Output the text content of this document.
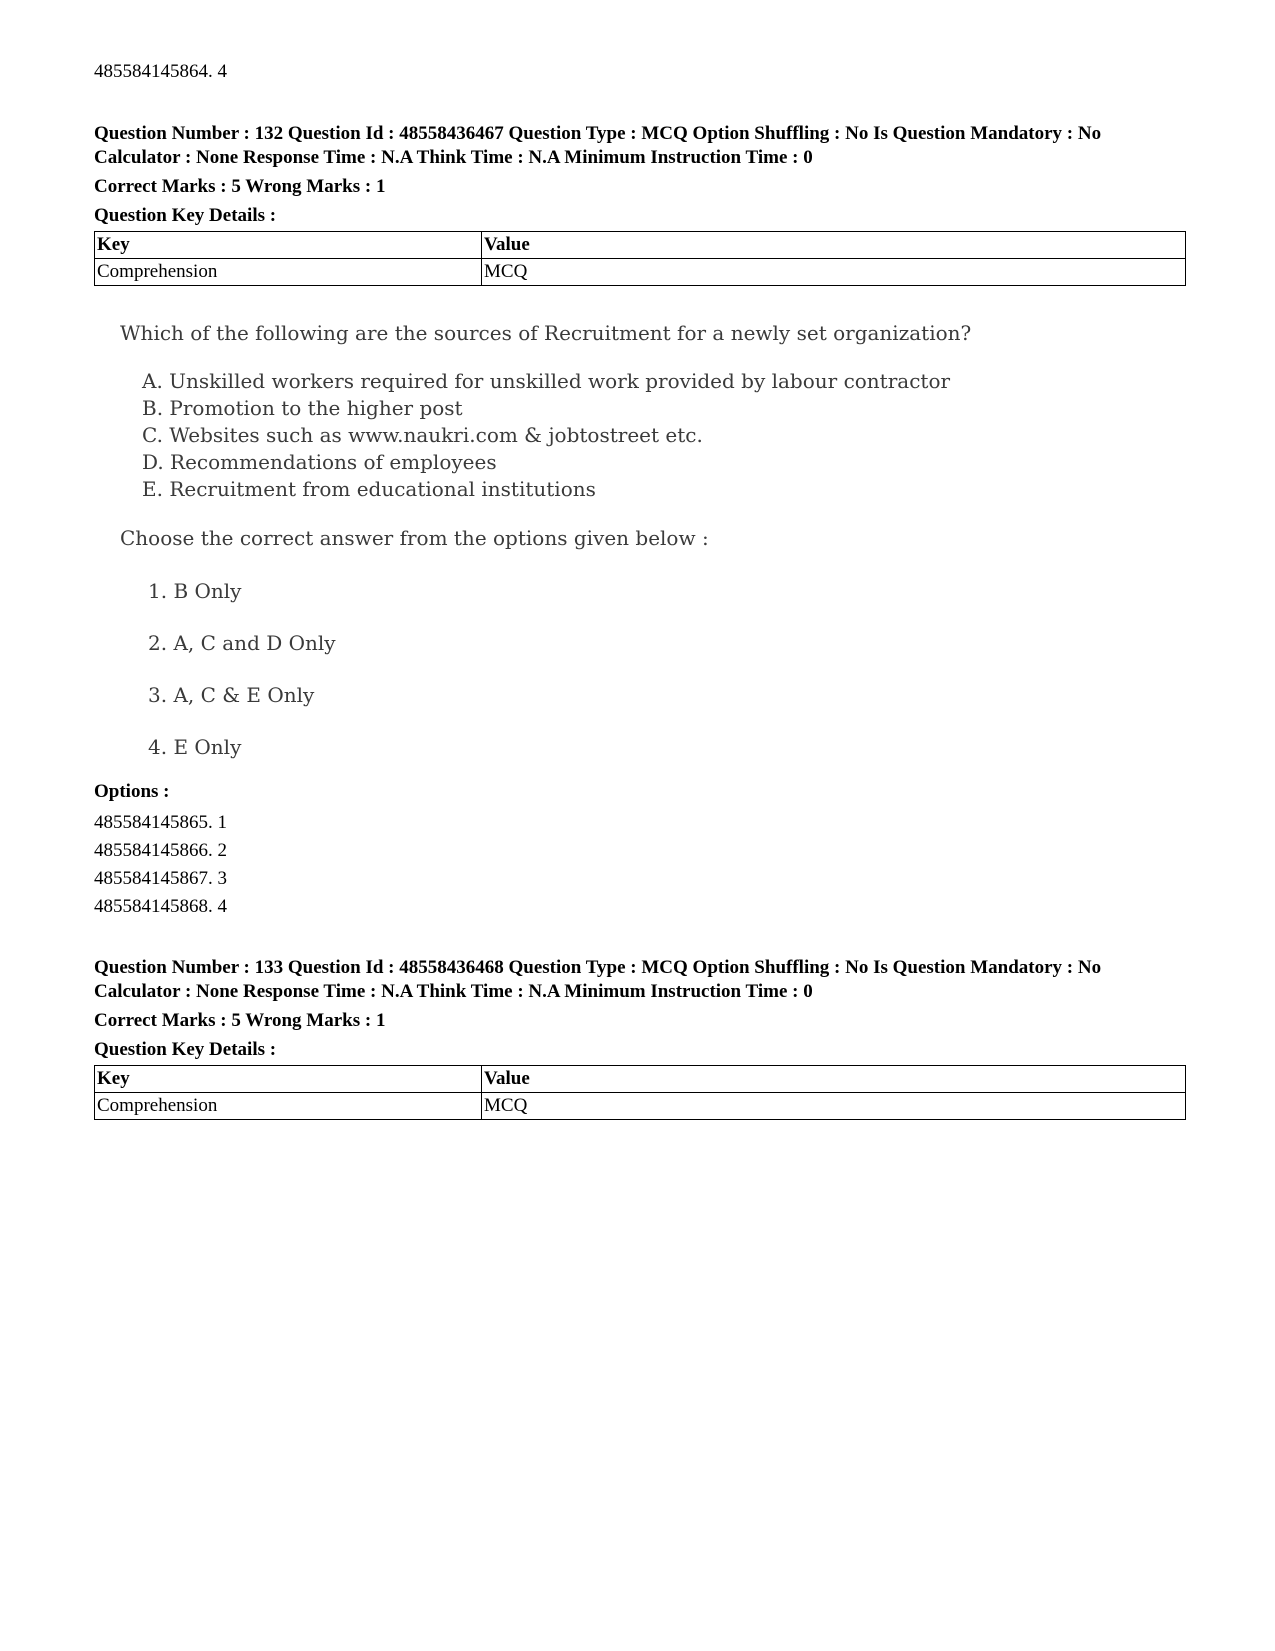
485584145864. 4
Question Number : 132 Question Id : 48558436467 Question Type : MCQ Option Shuffling : No Is Question Mandatory : No Calculator : None Response Time : N.A Think Time : N.A Minimum Instruction Time : 0
Correct Marks : 5 Wrong Marks : 1
Question Key Details :
Key	Value
Comprehension	MCQ
Which of the following are the sources of Recruitment for a newly set organization?
A. Unskilled workers required for unskilled work provided by labour contractor
B. Promotion to the higher post
C. Websites such as www.naukri.com & jobtostreet etc.
D. Recommendations of employees
E. Recruitment from educational institutions
Choose the correct answer from the options given below :
1. B Only
2. A, C and D Only
3. A, C & E Only
4. E Only
Options :
485584145865. 1
485584145866. 2
485584145867. 3
485584145868. 4
Question Number : 133 Question Id : 48558436468 Question Type : MCQ Option Shuffling : No Is Question Mandatory : No Calculator : None Response Time : N.A Think Time : N.A Minimum Instruction Time : 0
Correct Marks : 5 Wrong Marks : 1
Question Key Details :
Key	Value
Comprehension	MCQ
